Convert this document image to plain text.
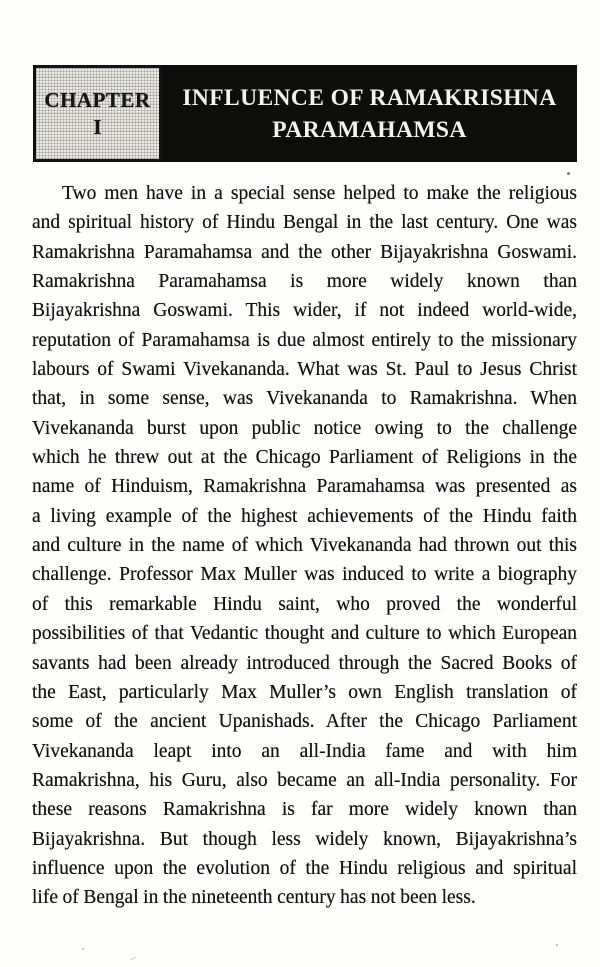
CHAPTER
I
INFLUENCE OF RAMAKRISHNA
PARAMAHAMSA
Two men have in a special sense helped to make the religious
and spiritual history of Hindu Bengal in the last century. One was
Ramakrishna Paramahamsa and the other Bijayakrishna Goswami.
Ramakrishna Paramahamsa is more widely known than
Bijayakrishna Goswami. This wider, if not indeed world-wide,
reputation of Paramahamsa is due almost entirely to the missionary
labours of Swami Vivekananda. What was St. Paul to Jesus Christ
that, in some sense, was Vivekananda to Ramakrishna. When
Vivekananda burst upon public notice owing to the challenge
which he threw out at the Chicago Parliament of Religions in the
name of Hinduism, Ramakrishna Paramahamsa was presented as
a living example of the highest achievements of the Hindu faith
and culture in the name of which Vivekananda had thrown out this
challenge. Professor Max Muller was induced to write a biography
of this remarkable Hindu saint, who proved the wonderful
possibilities of that Vedantic thought and culture to which European
savants had been already introduced through the Sacred Books of
the East, particularly Max Muller’s own English translation of
some of the ancient Upanishads. After the Chicago Parliament
Vivekananda leapt into an all-India fame and with him
Ramakrishna, his Guru, also became an all-India personality. For
these reasons Ramakrishna is far more widely known than
Bijayakrishna. But though less widely known, Bijayakrishna’s
influence upon the evolution of the Hindu religious and spiritual
life of Bengal in the nineteenth century has not been less.
